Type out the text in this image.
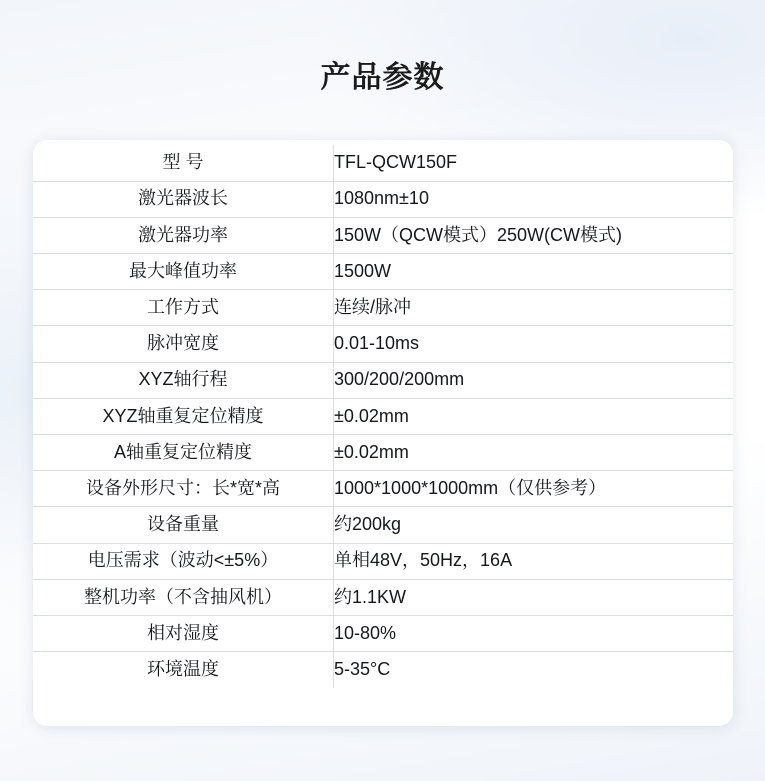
产品参数
型 号	TFL-QCW150F
激光器波长	1080nm±10
激光器功率	150W（QCW模式）250W(CW模式)
最大峰值功率	1500W
工作方式	连续/脉冲
脉冲宽度	0.01-10ms
XYZ轴行程	300/200/200mm
XYZ轴重复定位精度	±0.02mm
A轴重复定位精度	±0.02mm
设备外形尺寸：长*宽*高	1000*1000*1000mm（仅供参考）
设备重量	约200kg
电压需求（波动<±5%）	单相48V，50Hz，16A
整机功率（不含抽风机）	约1.1KW
相对湿度	10-80%
环境温度	5-35°C
